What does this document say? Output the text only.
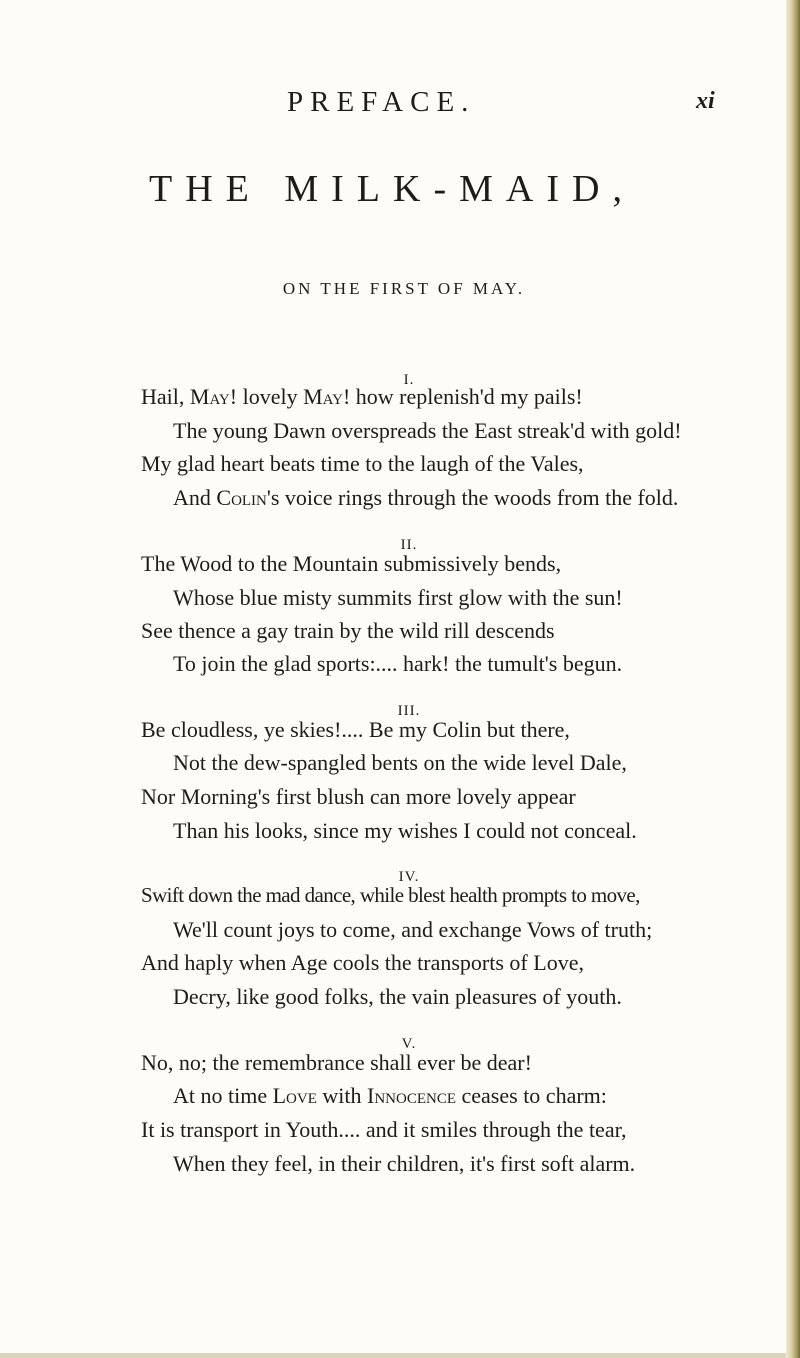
PREFACE.	xi
THE MILK-MAID,
ON THE FIRST OF MAY.
I.
Hail, May! lovely May! how replenish'd my pails!
The young Dawn overspreads the East streak'd with gold!
My glad heart beats time to the laugh of the Vales,
And Colin's voice rings through the woods from the fold.
II.
The Wood to the Mountain submissively bends,
Whose blue misty summits first glow with the sun!
See thence a gay train by the wild rill descends
To join the glad sports:.... hark! the tumult's begun.
III.
Be cloudless, ye skies!.... Be my Colin but there,
Not the dew-spangled bents on the wide level Dale,
Nor Morning's first blush can more lovely appear
Than his looks, since my wishes I could not conceal.
IV.
Swift down the mad dance, while blest health prompts to move,
We'll count joys to come, and exchange Vows of truth;
And haply when Age cools the transports of Love,
Decry, like good folks, the vain pleasures of youth.
V.
No, no; the remembrance shall ever be dear!
At no time Love with Innocence ceases to charm:
It is transport in Youth.... and it smiles through the tear,
When they feel, in their children, it's first soft alarm.
